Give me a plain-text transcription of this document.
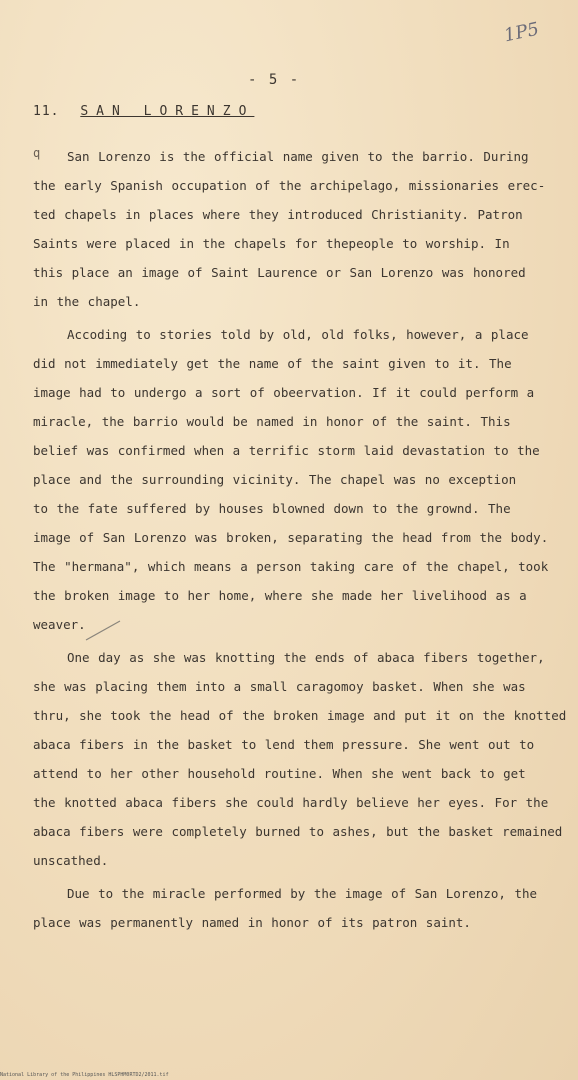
1P5
- 5 -
11. SAN LORENZO
q	San Lorenzo is the official name given to the barrio. During
the early Spanish occupation of the archipelago, missionaries erec-
ted chapels in places where they introduced Christianity. Patron
Saints were placed in the chapels for thepeople to worship. In
this place an image of Saint Laurence or San Lorenzo was honored
in the chapel.
Accoding to stories told by old, old folks, however, a place
did not immediately get the name of the saint given to it. The
image had to undergo a sort of obeervation. If it could perform a
miracle, the barrio would be named in honor of the saint. This
belief was confirmed when a terrific storm laid devastation to the
place and the surrounding vicinity. The chapel was no exception
to the fate suffered by houses blowned down to the grownd. The
image of San Lorenzo was broken, separating the head from the body.
The "hermana", which means a person taking care of the chapel, took
the broken image to her home, where she made her livelihood as a
weaver.
One day as she was knotting the ends of abaca fibers together,
she was placing them into a small caragomoy basket. When she was
thru, she took the head of the broken image and put it on the knotted
abaca fibers in the basket to lend them pressure. She went out to
attend to her other household routine. When she went back to get
the knotted abaca fibers she could hardly believe her eyes. For the
abaca fibers were completely burned to ashes, but the basket remained
unscathed.
Due to the miracle performed by the image of San Lorenzo, the
place was permanently named in honor of its patron saint.
National Library of the Philippines HLSPHM0RTD2/2011.tif
